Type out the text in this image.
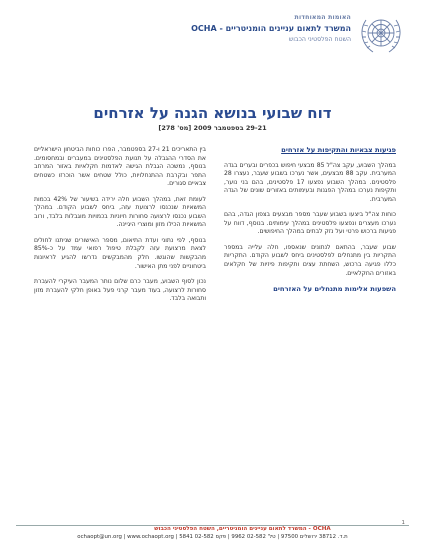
האומות המאוחדות
המשרד לתאום עניינים הומניטריים - OCHA
השטח הפלסטיני הכבוש
דוח שבועי בנושא הגנה על אזרחים
29-21 בספטמבר 2009 [מס' 278]
פגיעות צבאיות והתקיפות על אזרחים

במהלך השבוע, עקב צה"ל 85 מבצעי חיפוש בכפרים ובערים בגדה המערבית. עקב 88 מבצעים, אשר נערכו בשבוע שעבר, נעצרו 28 פלסטינים. במהלך השבוע נפצעו 17 פלסטינים, בהם בני נוער, ותקיפות נערכו במהלך הפגנות ובעימותים באזורים שונים של הגדה המערבית.

כוחות צה"ל ביצעו בשבוע שעבר מספר מבצעים בצפון הגדה, בהם נערכו מעצרים ונפצעו פלסטינים במהלך עימותים. בנוסף, דווח על פגיעות ברכוש פרטי ועל נזק לבתים במהלך החיפושים.

שבוע שעבר, בהתאם לנתונים שנאספו, חלה עלייה במספר התקריות בין מתנחלים לפלסטינים ביחס לשבוע הקודם. התקריות כללו פגיעה ברכוש, השחתת עצים ותקיפות פיזיות של חקלאים באזורים החקלאיים.

השפעות אלימות מתנחלים על האזרחים

בין התאריכים 21 ו-27 בספטמבר, הפרו כוחות הביטחון הישראליים את הסדרי ההגבלה על תנועת הפלסטינים במעברים ובמחסומים. בנוסף, נמשכה הגבלת הגישה לאדמות חקלאיות באזור המרחב התפר ובקרבת ההתנחלויות, כולל שטחים אשר הוכרזו כשטחים צבאיים סגורים.

לעומת זאת, במהלך השבוע חלה ירידה בשיעור של 42% בכמות המשאיות שנכנסו לרצועת עזה, ביחס לשבוע הקודם. במהלך השבוע נכנסו לרצועה סחורות חיוניות בכמויות מוגבלות בלבד, ורוב המשאיות הכילו מזון ומוצרי היגיינה.

בנוסף, לפי נתוני ועדת התיאום, מספר האישורים שניתנו לחולים לצאת מרצועת עזה לקבלת טיפול רפואי עמד על כ-85% מהבקשות שהוגשו. חלק מהמבקשים נדרשו להגיע לראיונות ביטחוניים לפני מתן האישור.

נכון לסוף השבוע, מעבר כרם שלום נותר המעבר העיקרי להעברת סחורות לרצועה, בעוד מעבר קרני פעל באופן חלקי להעברת מזון ותבואה בלבד.

1
OCHA - המשרד לתאום עניינים הומניטריים, השטח הפלסטיני הכבוש
ת.ד. 38712 ירושלים 97500 | טל' 02-582 9962 | פקס 02-582 5841 | ochaopt@un.org | www.ochaopt.org
